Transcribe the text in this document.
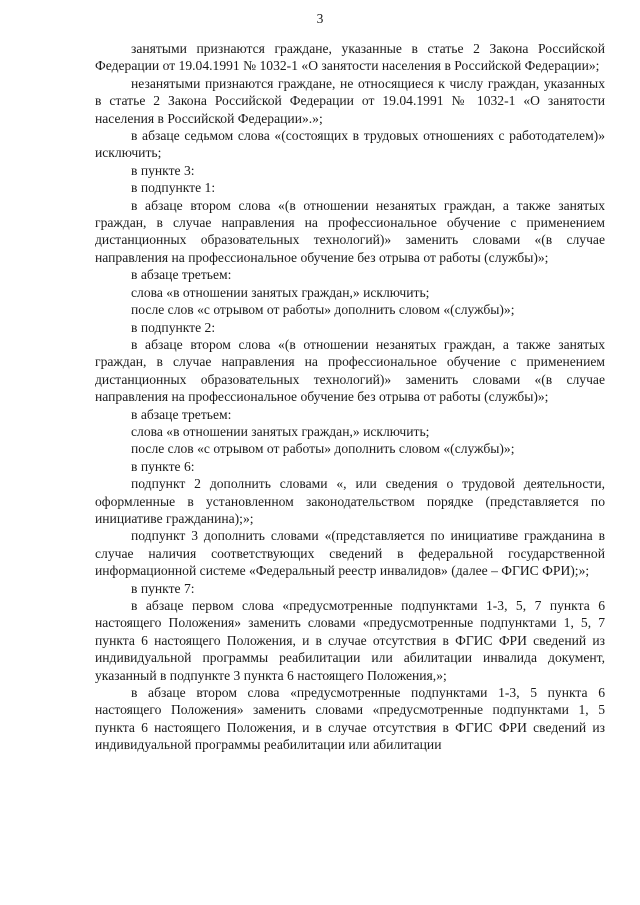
3

занятыми признаются граждане, указанные в статье 2 Закона Российской Федерации от 19.04.1991 № 1032-1 «О занятости населения в Российской Федерации»;

незанятыми признаются граждане, не относящиеся к числу граждан, указанных в статье 2 Закона Российской Федерации от 19.04.1991 № 1032-1 «О занятости населения в Российской Федерации».»;

в абзаце седьмом слова «(состоящих в трудовых отношениях с работодателем)» исключить;

в пункте 3:

в подпункте 1:

в абзаце втором слова «(в отношении незанятых граждан, а также занятых граждан, в случае направления на профессиональное обучение с применением дистанционных образовательных технологий)» заменить словами «(в случае направления на профессиональное обучение без отрыва от работы (службы)»;

в абзаце третьем:

слова «в отношении занятых граждан,» исключить;

после слов «с отрывом от работы» дополнить словом «(службы)»;

в подпункте 2:

в абзаце втором слова «(в отношении незанятых граждан, а также занятых граждан, в случае направления на профессиональное обучение с применением дистанционных образовательных технологий)» заменить словами «(в случае направления на профессиональное обучение без отрыва от работы (службы)»;

в абзаце третьем:

слова «в отношении занятых граждан,» исключить;

после слов «с отрывом от работы» дополнить словом «(службы)»;

в пункте 6:

подпункт 2 дополнить словами «, или сведения о трудовой деятельности, оформленные в установленном законодательством порядке (представляется по инициативе гражданина);»;

подпункт 3 дополнить словами «(представляется по инициативе гражданина в случае наличия соответствующих сведений в федеральной государственной информационной системе «Федеральный реестр инвалидов» (далее – ФГИС ФРИ);»;

в пункте 7:

в абзаце первом слова «предусмотренные подпунктами 1-3, 5, 7 пункта 6 настоящего Положения» заменить словами «предусмотренные подпунктами 1, 5, 7 пункта 6 настоящего Положения, и в случае отсутствия в ФГИС ФРИ сведений из индивидуальной программы реабилитации или абилитации инвалида документ, указанный в подпункте 3 пункта 6 настоящего Положения,»;

в абзаце втором слова «предусмотренные подпунктами 1-3, 5 пункта 6 настоящего Положения» заменить словами «предусмотренные подпунктами 1, 5 пункта 6 настоящего Положения, и в случае отсутствия в ФГИС ФРИ сведений из индивидуальной программы реабилитации или абилитации
